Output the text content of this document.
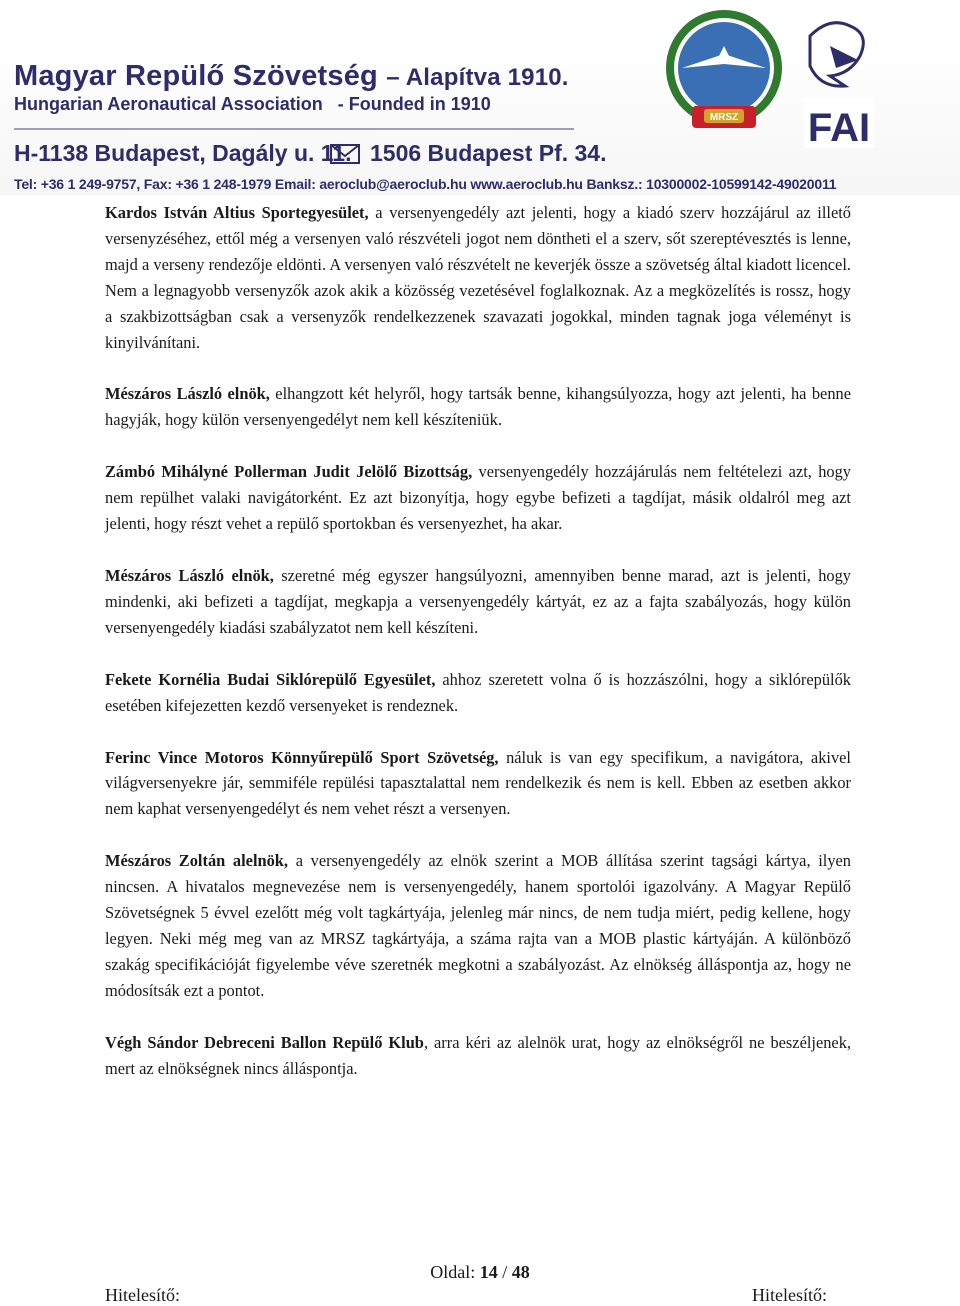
Magyar Repülő Szövetség – Alapítva 1910.
Hungarian Aeronautical Association - Founded in 1910
H-1138 Budapest, Dagály u. 11. 1506 Budapest Pf. 34.
Tel: +36 1 249-9757, Fax: +36 1 248-1979 Email: aeroclub@aeroclub.hu www.aeroclub.hu Banksz.: 10300002-10599142-49020011
MRSZ FAI

Kardos István Altius Sportegyesület, a versenyengedély azt jelenti, hogy a kiadó szerv hozzájárul az illető versenyzéséhez, ettől még a versenyen való részvételi jogot nem döntheti el a szerv, sőt szereptévesztés is lenne, majd a verseny rendezője eldönti. A versenyen való részvételt ne keverjék össze a szövetség által kiadott licencel. Nem a legnagyobb versenyzők azok akik a közösség vezetésével foglalkoznak. Az a megközelítés is rossz, hogy a szakbizottságban csak a versenyzők rendelkezzenek szavazati jogokkal, minden tagnak joga véleményt is kinyilvánítani.

Mészáros László elnök, elhangzott két helyről, hogy tartsák benne, kihangsúlyozza, hogy azt jelenti, ha benne hagyják, hogy külön versenyengedélyt nem kell készíteniük.

Zámbó Mihályné Pollerman Judit Jelölő Bizottság, versenyengedély hozzájárulás nem feltételezi azt, hogy nem repülhet valaki navigátorként. Ez azt bizonyítja, hogy egybe befizeti a tagdíjat, másik oldalról meg azt jelenti, hogy részt vehet a repülő sportokban és versenyezhet, ha akar.

Mészáros László elnök, szeretné még egyszer hangsúlyozni, amennyiben benne marad, azt is jelenti, hogy mindenki, aki befizeti a tagdíjat, megkapja a versenyengedély kártyát, ez az a fajta szabályozás, hogy külön versenyengedély kiadási szabályzatot nem kell készíteni.

Fekete Kornélia Budai Siklórepülő Egyesület, ahhoz szeretett volna ő is hozzászólni, hogy a siklórepülők esetében kifejezetten kezdő versenyeket is rendeznek.

Ferinc Vince Motoros Könnyűrepülő Sport Szövetség, náluk is van egy specifikum, a navigátora, akivel világversenyekre jár, semmiféle repülési tapasztalattal nem rendelkezik és nem is kell. Ebben az esetben akkor nem kaphat versenyengedélyt és nem vehet részt a versenyen.

Mészáros Zoltán alelnök, a versenyengedély az elnök szerint a MOB állítása szerint tagsági kártya, ilyen nincsen. A hivatalos megnevezése nem is versenyengedély, hanem sportolói igazolvány. A Magyar Repülő Szövetségnek 5 évvel ezelőtt még volt tagkártyája, jelenleg már nincs, de nem tudja miért, pedig kellene, hogy legyen. Neki még meg van az MRSZ tagkártyája, a száma rajta van a MOB plastic kártyáján. A különböző szakág specifikációját figyelembe véve szeretnék megkotni a szabályozást. Az elnökség álláspontja az, hogy ne módosítsák ezt a pontot.

Végh Sándor Debreceni Ballon Repülő Klub, arra kéri az alelnök urat, hogy az elnökségről ne beszéljenek, mert az elnökségnek nincs álláspontja.

Oldal: 14 / 48
Hitelesítő:	Hitelesítő:
